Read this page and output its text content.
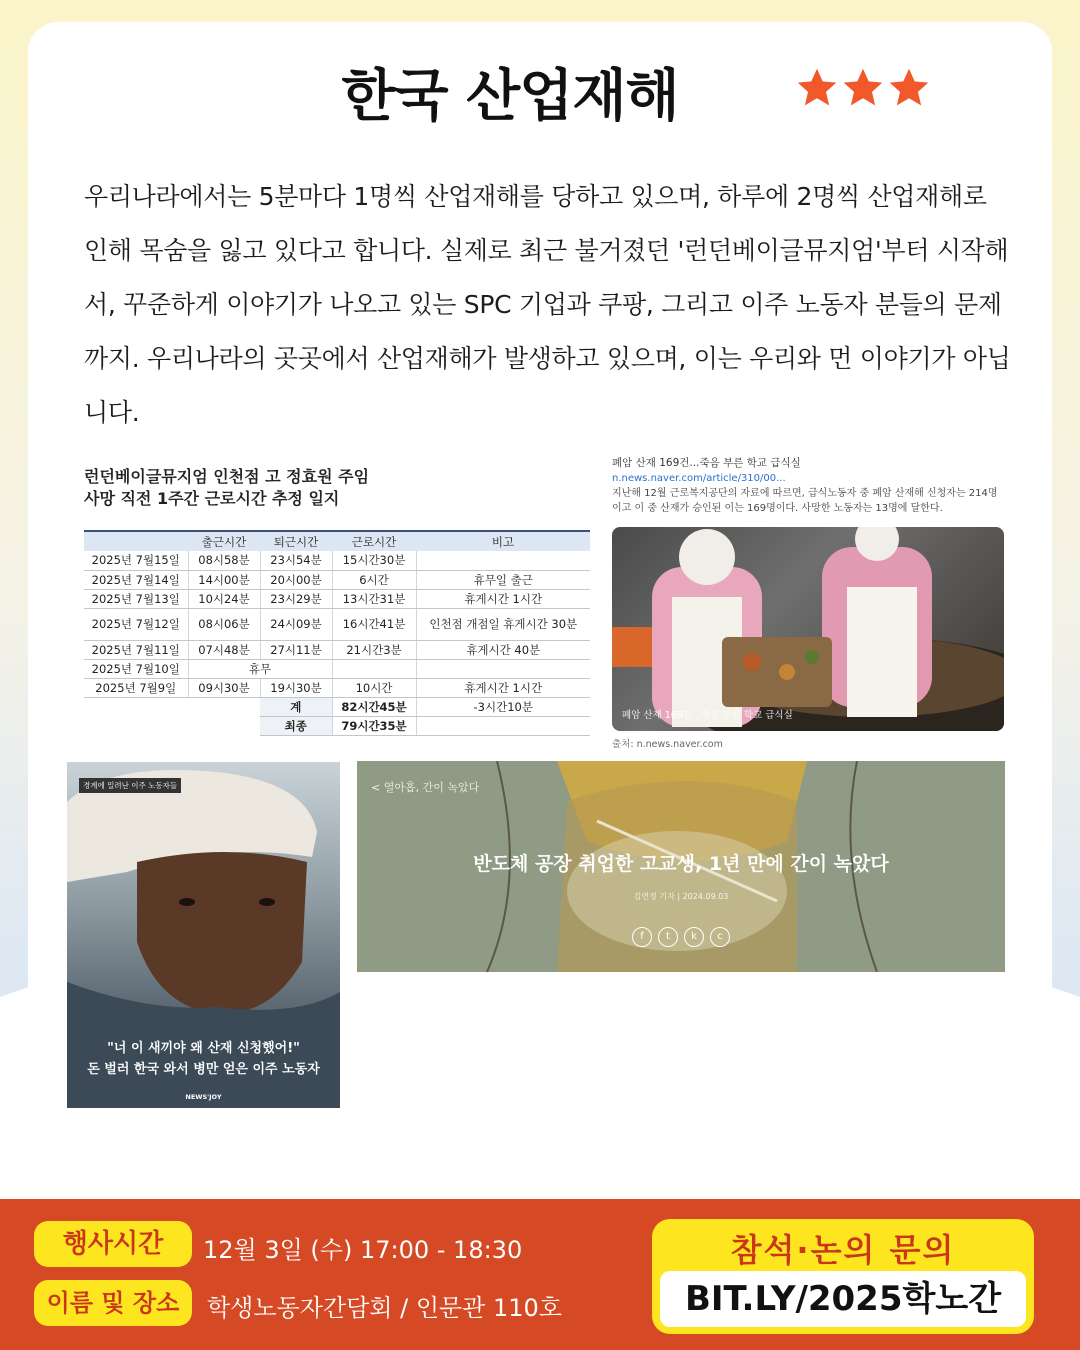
한국 산업재해

우리나라에서는 5분마다 1명씩 산업재해를 당하고 있으며, 하루에 2명씩 산업재해로 인해 목숨을 잃고 있다고 합니다. 실제로 최근 불거졌던 '런던베이글뮤지엄'부터 시작해서, 꾸준하게 이야기가 나오고 있는 SPC 기업과 쿠팡, 그리고 이주 노동자 분들의 문제까지. 우리나라의 곳곳에서 산업재해가 발생하고 있으며, 이는 우리와 먼 이야기가 아닙니다.

런던베이글뮤지엄 인천점 고 정효원 주임
사망 직전 1주간 근로시간 추정 일지
	출근시간	퇴근시간	근로시간	비고
2025년 7월15일	08시58분	23시54분	15시간30분	
2025년 7월14일	14시00분	20시00분	6시간	휴무일 출근
2025년 7월13일	10시24분	23시29분	13시간31분	휴게시간 1시간
2025년 7월12일	08시06분	24시09분	16시간41분	인천점 개점일 휴게시간 30분
2025년 7월11일	07시48분	27시11분	21시간3분	휴게시간 40분
2025년 7월10일	휴무			
2025년 7월9일	09시30분	19시30분	10시간	휴게시간 1시간
		계	82시간45분	-3시간10분
		최종	79시간35분	
폐암 산재 169건...죽음 부른 학교 급식실
n.news.naver.com/article/310/00...
지난해 12월 근로복지공단의 자료에 따르면, 급식노동자 중 폐암 산재해 신청자는 214명이고 이 중 산재가 승인된 이는 169명이다. 사망한 노동자는 13명에 달한다.
폐암 산재 169건...죽음 부른 학교 급식실
출처: n.news.naver.com
경계에 밀려난 이주 노동자들
"너 이 새끼야 왜 산재 신청했어!"
돈 벌러 한국 와서 병만 얻은 이주 노동자
NEWS'JOY
< 열아홉, 간이 녹았다
반도체 공장 취업한 고교생, 1년 만에 간이 녹았다
김연정 기자 | 2024.09.03
f	t	k	c
행사시간	12월 3일 (수) 17:00 - 18:30
이름 및 장소	학생노동자간담회 / 인문관 110호
참석·논의 문의
BIT.LY/2025학노간
